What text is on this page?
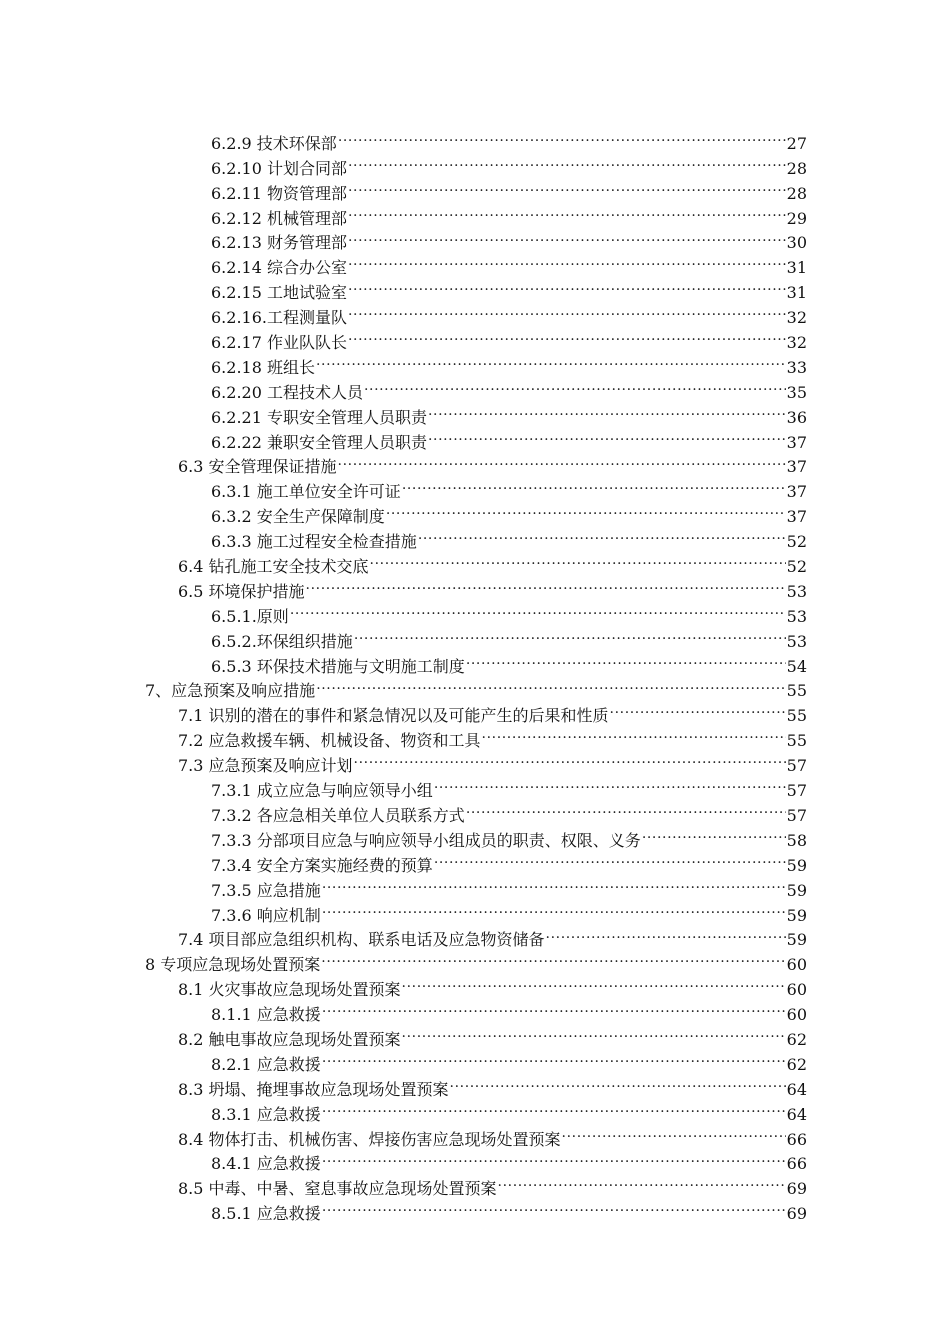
6.2.9 技术环保部 .....	27
6.2.10 计划合同部 .....	28
6.2.11 物资管理部 .....	28
6.2.12 机械管理部 .....	29
6.2.13 财务管理部 .....	30
6.2.14 综合办公室 .....	31
6.2.15 工地试验室 .....	31
6.2.16.工程测量队 .....	32
6.2.17 作业队队长 .....	32
6.2.18 班组长 .....	33
6.2.20 工程技术人员 .....	35
6.2.21 专职安全管理人员职责 .....	36
6.2.22 兼职安全管理人员职责 .....	37
6.3 安全管理保证措施 .....	37
6.3.1 施工单位安全许可证 .....	37
6.3.2 安全生产保障制度 .....	37
6.3.3 施工过程安全检查措施 .....	52
6.4 钻孔施工安全技术交底 .....	52
6.5 环境保护措施 .....	53
6.5.1.原则 .....	53
6.5.2.环保组织措施 .....	53
6.5.3 环保技术措施与文明施工制度 .....	54
7、应急预案及响应措施 .....	55
7.1 识别的潜在的事件和紧急情况以及可能产生的后果和性质 .....	55
7.2 应急救援车辆、机械设备、物资和工具 .....	55
7.3 应急预案及响应计划 .....	57
7.3.1 成立应急与响应领导小组 .....	57
7.3.2 各应急相关单位人员联系方式 .....	57
7.3.3 分部项目应急与响应领导小组成员的职责、权限、义务 .....	58
7.3.4 安全方案实施经费的预算 .....	59
7.3.5 应急措施 .....	59
7.3.6 响应机制 .....	59
7.4 项目部应急组织机构、联系电话及应急物资储备 .....	59
8 专项应急现场处置预案 .....	60
8.1 火灾事故应急现场处置预案 .....	60
8.1.1 应急救援 .....	60
8.2 触电事故应急现场处置预案 .....	62
8.2.1 应急救援 .....	62
8.3 坍塌、掩埋事故应急现场处置预案 .....	64
8.3.1 应急救援 .....	64
8.4 物体打击、机械伤害、焊接伤害应急现场处置预案 .....	66
8.4.1 应急救援 .....	66
8.5 中毒、中暑、窒息事故应急现场处置预案 .....	69
8.5.1 应急救援 .....	69
